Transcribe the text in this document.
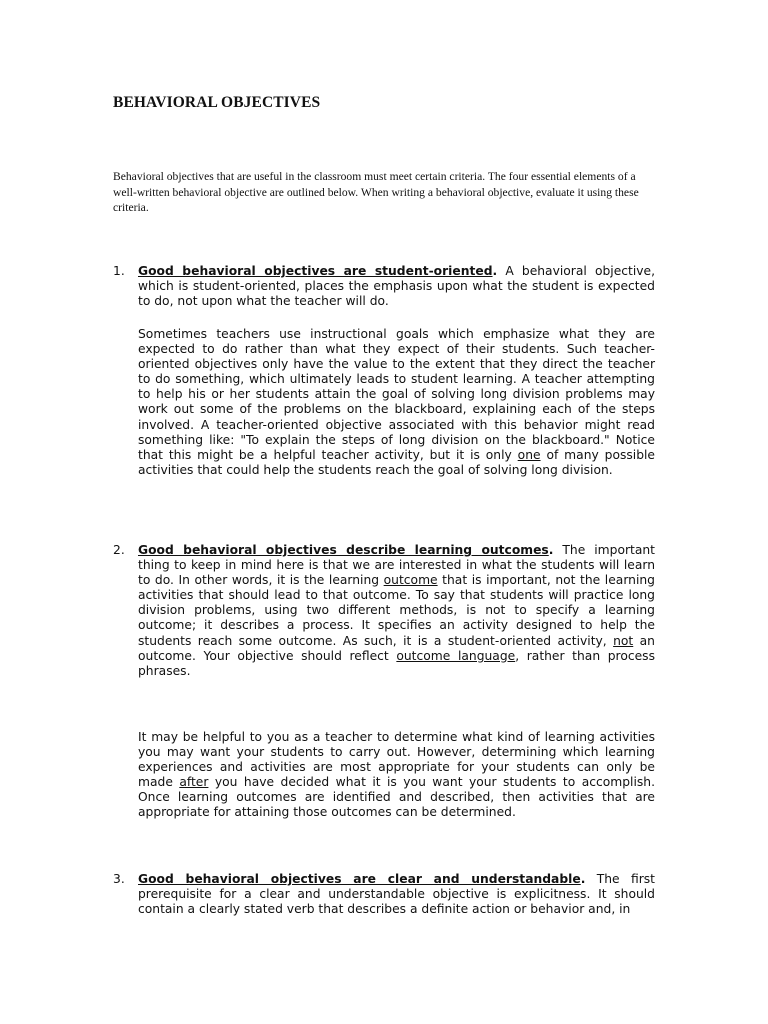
BEHAVIORAL OBJECTIVES

Behavioral objectives that are useful in the classroom must meet certain criteria. The four essential elements of a well-written behavioral objective are outlined below. When writing a behavioral objective, evaluate it using these criteria.

1. Good behavioral objectives are student-oriented. A behavioral objective, which is student-oriented, places the emphasis upon what the student is expected to do, not upon what the teacher will do.

Sometimes teachers use instructional goals which emphasize what they are expected to do rather than what they expect of their students. Such teacher-oriented objectives only have the value to the extent that they direct the teacher to do something, which ultimately leads to student learning. A teacher attempting to help his or her students attain the goal of solving long division problems may work out some of the problems on the blackboard, explaining each of the steps involved. A teacher-oriented objective associated with this behavior might read something like: "To explain the steps of long division on the blackboard." Notice that this might be a helpful teacher activity, but it is only one of many possible activities that could help the students reach the goal of solving long division.

2. Good behavioral objectives describe learning outcomes. The important thing to keep in mind here is that we are interested in what the students will learn to do. In other words, it is the learning outcome that is important, not the learning activities that should lead to that outcome. To say that students will practice long division problems, using two different methods, is not to specify a learning outcome; it describes a process. It specifies an activity designed to help the students reach some outcome. As such, it is a student-oriented activity, not an outcome. Your objective should reflect outcome language, rather than process phrases.

It may be helpful to you as a teacher to determine what kind of learning activities you may want your students to carry out. However, determining which learning experiences and activities are most appropriate for your students can only be made after you have decided what it is you want your students to accomplish. Once learning outcomes are identified and described, then activities that are appropriate for attaining those outcomes can be determined.

3. Good behavioral objectives are clear and understandable. The first prerequisite for a clear and understandable objective is explicitness. It should contain a clearly stated verb that describes a definite action or behavior and, in
